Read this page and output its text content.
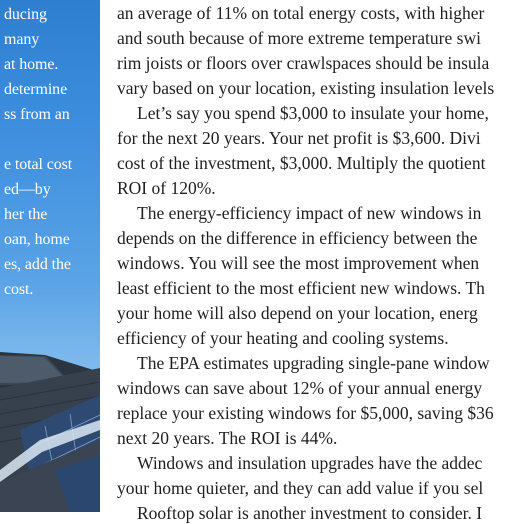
ducing
many
at home.
determine
ss from an
e total cost
ed—by
her the
oan, home
es, add the
cost.
an average of 11% on total energy costs, with higher
and south because of more extreme temperature swi
rim joists or floors over crawlspaces should be insula
vary based on your location, existing insulation levels
Let’s say you spend $3,000 to insulate your home,
for the next 20 years. Your net profit is $3,600. Divi
cost of the investment, $3,000. Multiply the quotient
ROI of 120%.
The energy-efficiency impact of new windows in
depends on the difference in efficiency between the
windows. You will see the most improvement when
least efficient to the most efficient new windows. Th
your home will also depend on your location, energ
efficiency of your heating and cooling systems.
The EPA estimates upgrading single-pane window
windows can save about 12% of your annual energy
replace your existing windows for $5,000, saving $36
next 20 years. The ROI is 44%.
Windows and insulation upgrades have the addec
your home quieter, and they can add value if you sel
Rooftop solar is another investment to consider. I
